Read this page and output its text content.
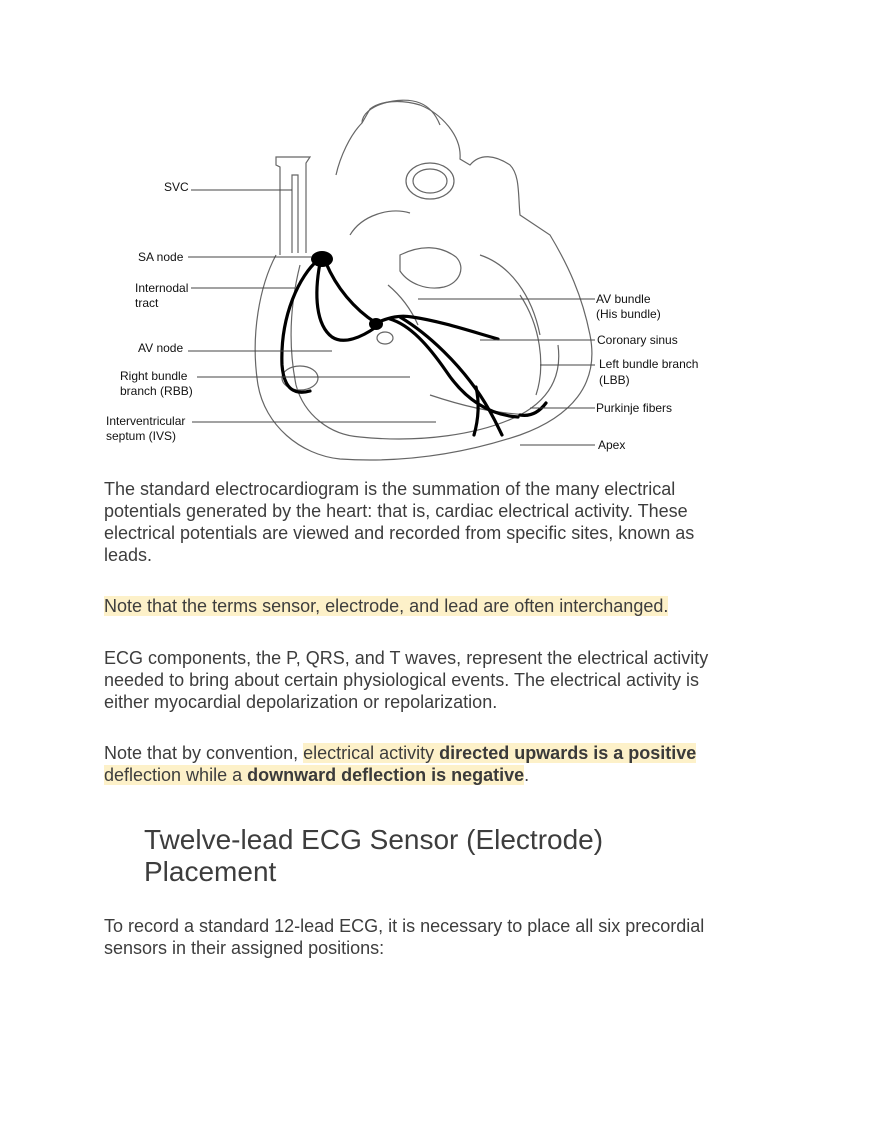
SVC
SA node
Internodal
tract
AV node
Right bundle
branch (RBB)
Interventricular
septum (IVS)
AV bundle
(His bundle)
Coronary sinus
Left bundle branch
(LBB)
Purkinje fibers
Apex

The standard electrocardiogram is the summation of the many electrical potentials generated by the heart: that is, cardiac electrical activity. These electrical potentials are viewed and recorded from specific sites, known as leads.

Note that the terms sensor, electrode, and lead are often interchanged.

ECG components, the P, QRS, and T waves, represent the electrical activity needed to bring about certain physiological events. The electrical activity is either myocardial depolarization or repolarization.

Note that by convention, electrical activity directed upwards is a positive deflection while a downward deflection is negative.

Twelve-lead ECG Sensor (Electrode) Placement

To record a standard 12-lead ECG, it is necessary to place all six precordial sensors in their assigned positions:
